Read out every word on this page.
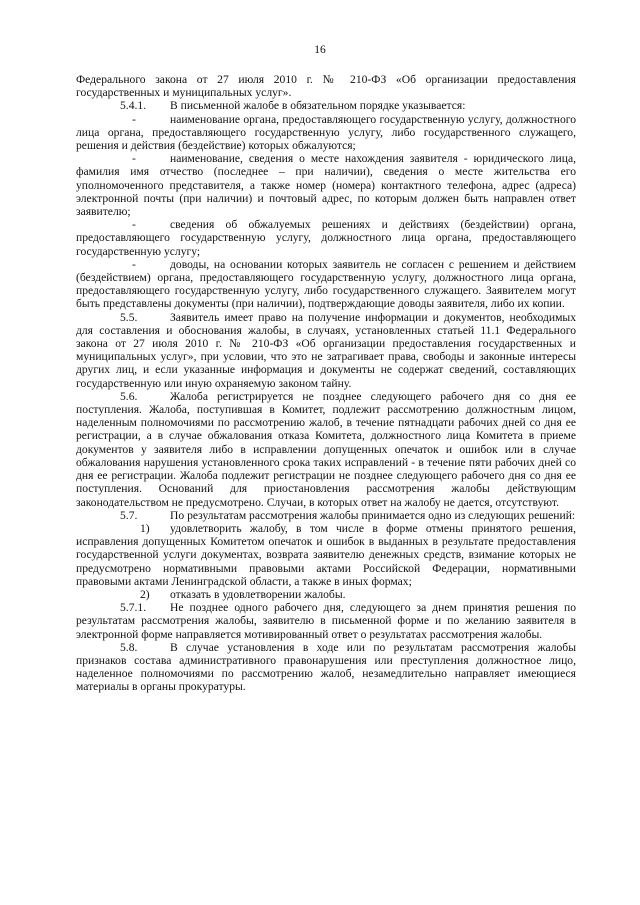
16

Федерального закона от 27 июля 2010 г. № 210-ФЗ «Об организации предоставления государственных и муниципальных услуг».

5.4.1. В письменной жалобе в обязательном порядке указывается:

-	наименование органа, предоставляющего государственную услугу, должностного лица органа, предоставляющего государственную услугу, либо государственного служащего, решения и действия (бездействие) которых обжалуются;

-	наименование, сведения о месте нахождения заявителя - юридического лица, фамилия имя отчество (последнее – при наличии), сведения о месте жительства его уполномоченного представителя, а также номер (номера) контактного телефона, адрес (адреса) электронной почты (при наличии) и почтовый адрес, по которым должен быть направлен ответ заявителю;

-	сведения об обжалуемых решениях и действиях (бездействии) органа, предоставляющего государственную услугу, должностного лица органа, предоставляющего государственную услугу;

-	доводы, на основании которых заявитель не согласен с решением и действием (бездействием) органа, предоставляющего государственную услугу, должностного лица органа, предоставляющего государственную услугу, либо государственного служащего. Заявителем могут быть представлены документы (при наличии), подтверждающие доводы заявителя, либо их копии.

5.5.	Заявитель имеет право на получение информации и документов, необходимых для составления и обоснования жалобы, в случаях, установленных статьей 11.1 Федерального закона от 27 июля 2010 г. № 210-ФЗ «Об организации предоставления государственных и муниципальных услуг», при условии, что это не затрагивает права, свободы и законные интересы других лиц, и если указанные информация и документы не содержат сведений, составляющих государственную или иную охраняемую законом тайну.

5.6.	Жалоба регистрируется не позднее следующего рабочего дня со дня ее поступления. Жалоба, поступившая в Комитет, подлежит рассмотрению должностным лицом, наделенным полномочиями по рассмотрению жалоб, в течение пятнадцати рабочих дней со дня ее регистрации, а в случае обжалования отказа Комитета, должностного лица Комитета в приеме документов у заявителя либо в исправлении допущенных опечаток и ошибок или в случае обжалования нарушения установленного срока таких исправлений - в течение пяти рабочих дней со дня ее регистрации. Жалоба подлежит регистрации не позднее следующего рабочего дня со дня ее поступления. Оснований для приостановления рассмотрения жалобы действующим законодательством не предусмотрено. Случаи, в которых ответ на жалобу не дается, отсутствуют.

5.7.	По результатам рассмотрения жалобы принимается одно из следующих решений:

1) удовлетворить жалобу, в том числе в форме отмены принятого решения, исправления допущенных Комитетом опечаток и ошибок в выданных в результате предоставления государственной услуги документах, возврата заявителю денежных средств, взимание которых не предусмотрено нормативными правовыми актами Российской Федерации, нормативными правовыми актами Ленинградской области, а также в иных формах;

2) отказать в удовлетворении жалобы.

5.7.1. Не позднее одного рабочего дня, следующего за днем принятия решения по результатам рассмотрения жалобы, заявителю в письменной форме и по желанию заявителя в электронной форме направляется мотивированный ответ о результатах рассмотрения жалобы.

5.8.	В случае установления в ходе или по результатам рассмотрения жалобы признаков состава административного правонарушения или преступления должностное лицо, наделенное полномочиями по рассмотрению жалоб, незамедлительно направляет имеющиеся материалы в органы прокуратуры.
